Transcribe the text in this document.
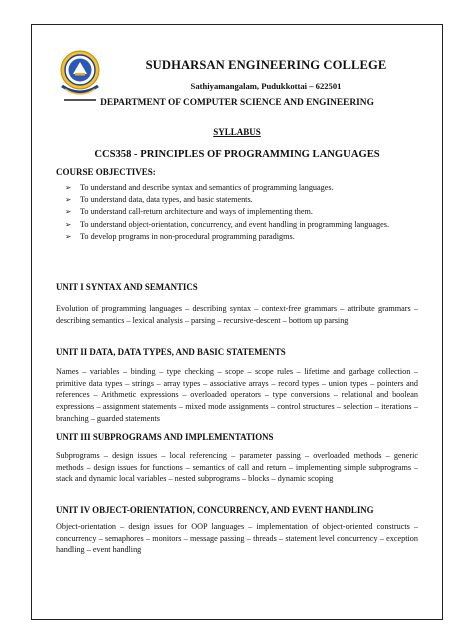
SUDHARSAN ENGINEERING COLLEGE
Sathiyamangalam, Pudukkottai – 622501
DEPARTMENT OF COMPUTER SCIENCE AND ENGINEERING
SYLLABUS
CCS358 - PRINCIPLES OF PROGRAMMING LANGUAGES
COURSE OBJECTIVES:
➢ To understand and describe syntax and semantics of programming languages.
➢ To understand data, data types, and basic statements.
➢ To understand call-return architecture and ways of implementing them.
➢ To understand object-orientation, concurrency, and event handling in programming languages.
➢ To develop programs in non-procedural programming paradigms.
UNIT I SYNTAX AND SEMANTICS
Evolution of programming languages – describing syntax – context-free grammars – attribute grammars – describing semantics – lexical analysis – parsing – recursive-descent – bottom up parsing
UNIT II DATA, DATA TYPES, AND BASIC STATEMENTS
Names – variables – binding – type checking – scope – scope rules – lifetime and garbage collection – primitive data types – strings – array types – associative arrays – record types – union types – pointers and references – Arithmetic expressions – overloaded operators – type conversions – relational and boolean expressions – assignment statements – mixed mode assignments – control structures – selection – iterations – branching – guarded statements
UNIT III SUBPROGRAMS AND IMPLEMENTATIONS
Subprograms – design issues – local referencing – parameter passing – overloaded methods – generic methods – design issues for functions – semantics of call and return – implementing simple subprograms – stack and dynamic local variables – nested subprograms – blocks – dynamic scoping
UNIT IV OBJECT-ORIENTATION, CONCURRENCY, AND EVENT HANDLING
Object-orientation – design issues for OOP languages – implementation of object-oriented constructs – concurrency – semaphores – monitors – message passing – threads – statement level concurrency – exception handling – event handling
